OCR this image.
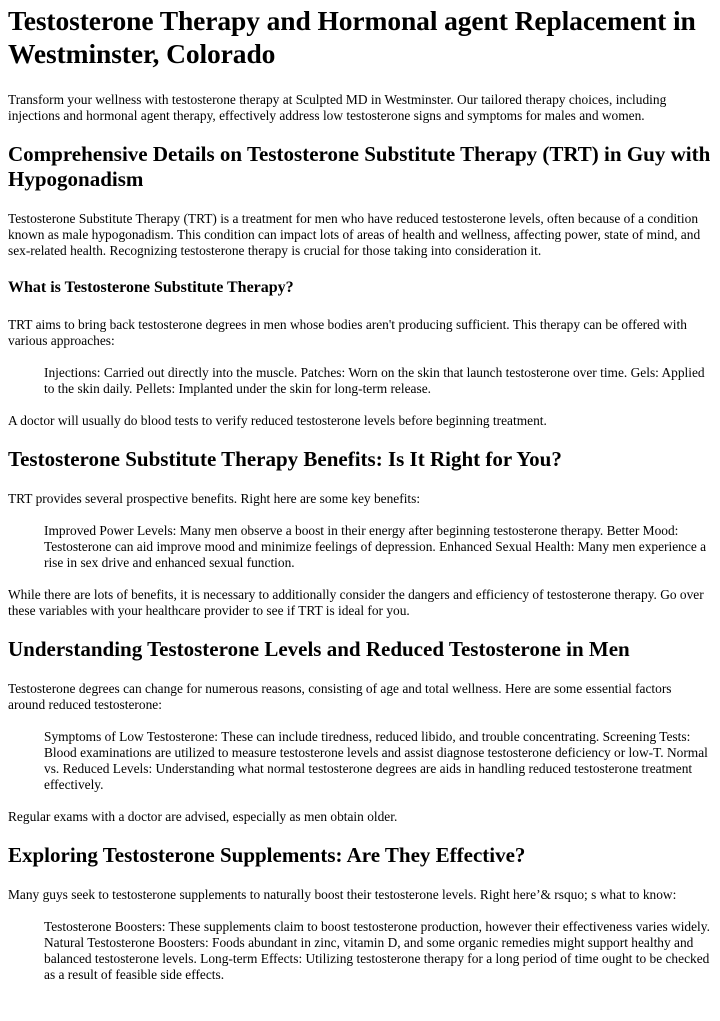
Testosterone Therapy and Hormonal agent Replacement in Westminster, Colorado

Transform your wellness with testosterone therapy at Sculpted MD in Westminster. Our tailored therapy choices, including injections and hormonal agent therapy, effectively address low testosterone signs and symptoms for males and women.

Comprehensive Details on Testosterone Substitute Therapy (TRT) in Guy with Hypogonadism

Testosterone Substitute Therapy (TRT) is a treatment for men who have reduced testosterone levels, often because of a condition known as male hypogonadism. This condition can impact lots of areas of health and wellness, affecting power, state of mind, and sex-related health. Recognizing testosterone therapy is crucial for those taking into consideration it.

What is Testosterone Substitute Therapy?

TRT aims to bring back testosterone degrees in men whose bodies aren't producing sufficient. This therapy can be offered with various approaches:

Injections: Carried out directly into the muscle. Patches: Worn on the skin that launch testosterone over time. Gels: Applied to the skin daily. Pellets: Implanted under the skin for long-term release.

A doctor will usually do blood tests to verify reduced testosterone levels before beginning treatment.

Testosterone Substitute Therapy Benefits: Is It Right for You?

TRT provides several prospective benefits. Right here are some key benefits:

Improved Power Levels: Many men observe a boost in their energy after beginning testosterone therapy. Better Mood: Testosterone can aid improve mood and minimize feelings of depression. Enhanced Sexual Health: Many men experience a rise in sex drive and enhanced sexual function.

While there are lots of benefits, it is necessary to additionally consider the dangers and efficiency of testosterone therapy. Go over these variables with your healthcare provider to see if TRT is ideal for you.

Understanding Testosterone Levels and Reduced Testosterone in Men

Testosterone degrees can change for numerous reasons, consisting of age and total wellness. Here are some essential factors around reduced testosterone:

Symptoms of Low Testosterone: These can include tiredness, reduced libido, and trouble concentrating. Screening Tests: Blood examinations are utilized to measure testosterone levels and assist diagnose testosterone deficiency or low-T. Normal vs. Reduced Levels: Understanding what normal testosterone degrees are aids in handling reduced testosterone treatment effectively.

Regular exams with a doctor are advised, especially as men obtain older.

Exploring Testosterone Supplements: Are They Effective?

Many guys seek to testosterone supplements to naturally boost their testosterone levels. Right here’& rsquo; s what to know:

Testosterone Boosters: These supplements claim to boost testosterone production, however their effectiveness varies widely. Natural Testosterone Boosters: Foods abundant in zinc, vitamin D, and some organic remedies might support healthy and balanced testosterone levels. Long-term Effects: Utilizing testosterone therapy for a long period of time ought to be checked as a result of feasible side effects.
